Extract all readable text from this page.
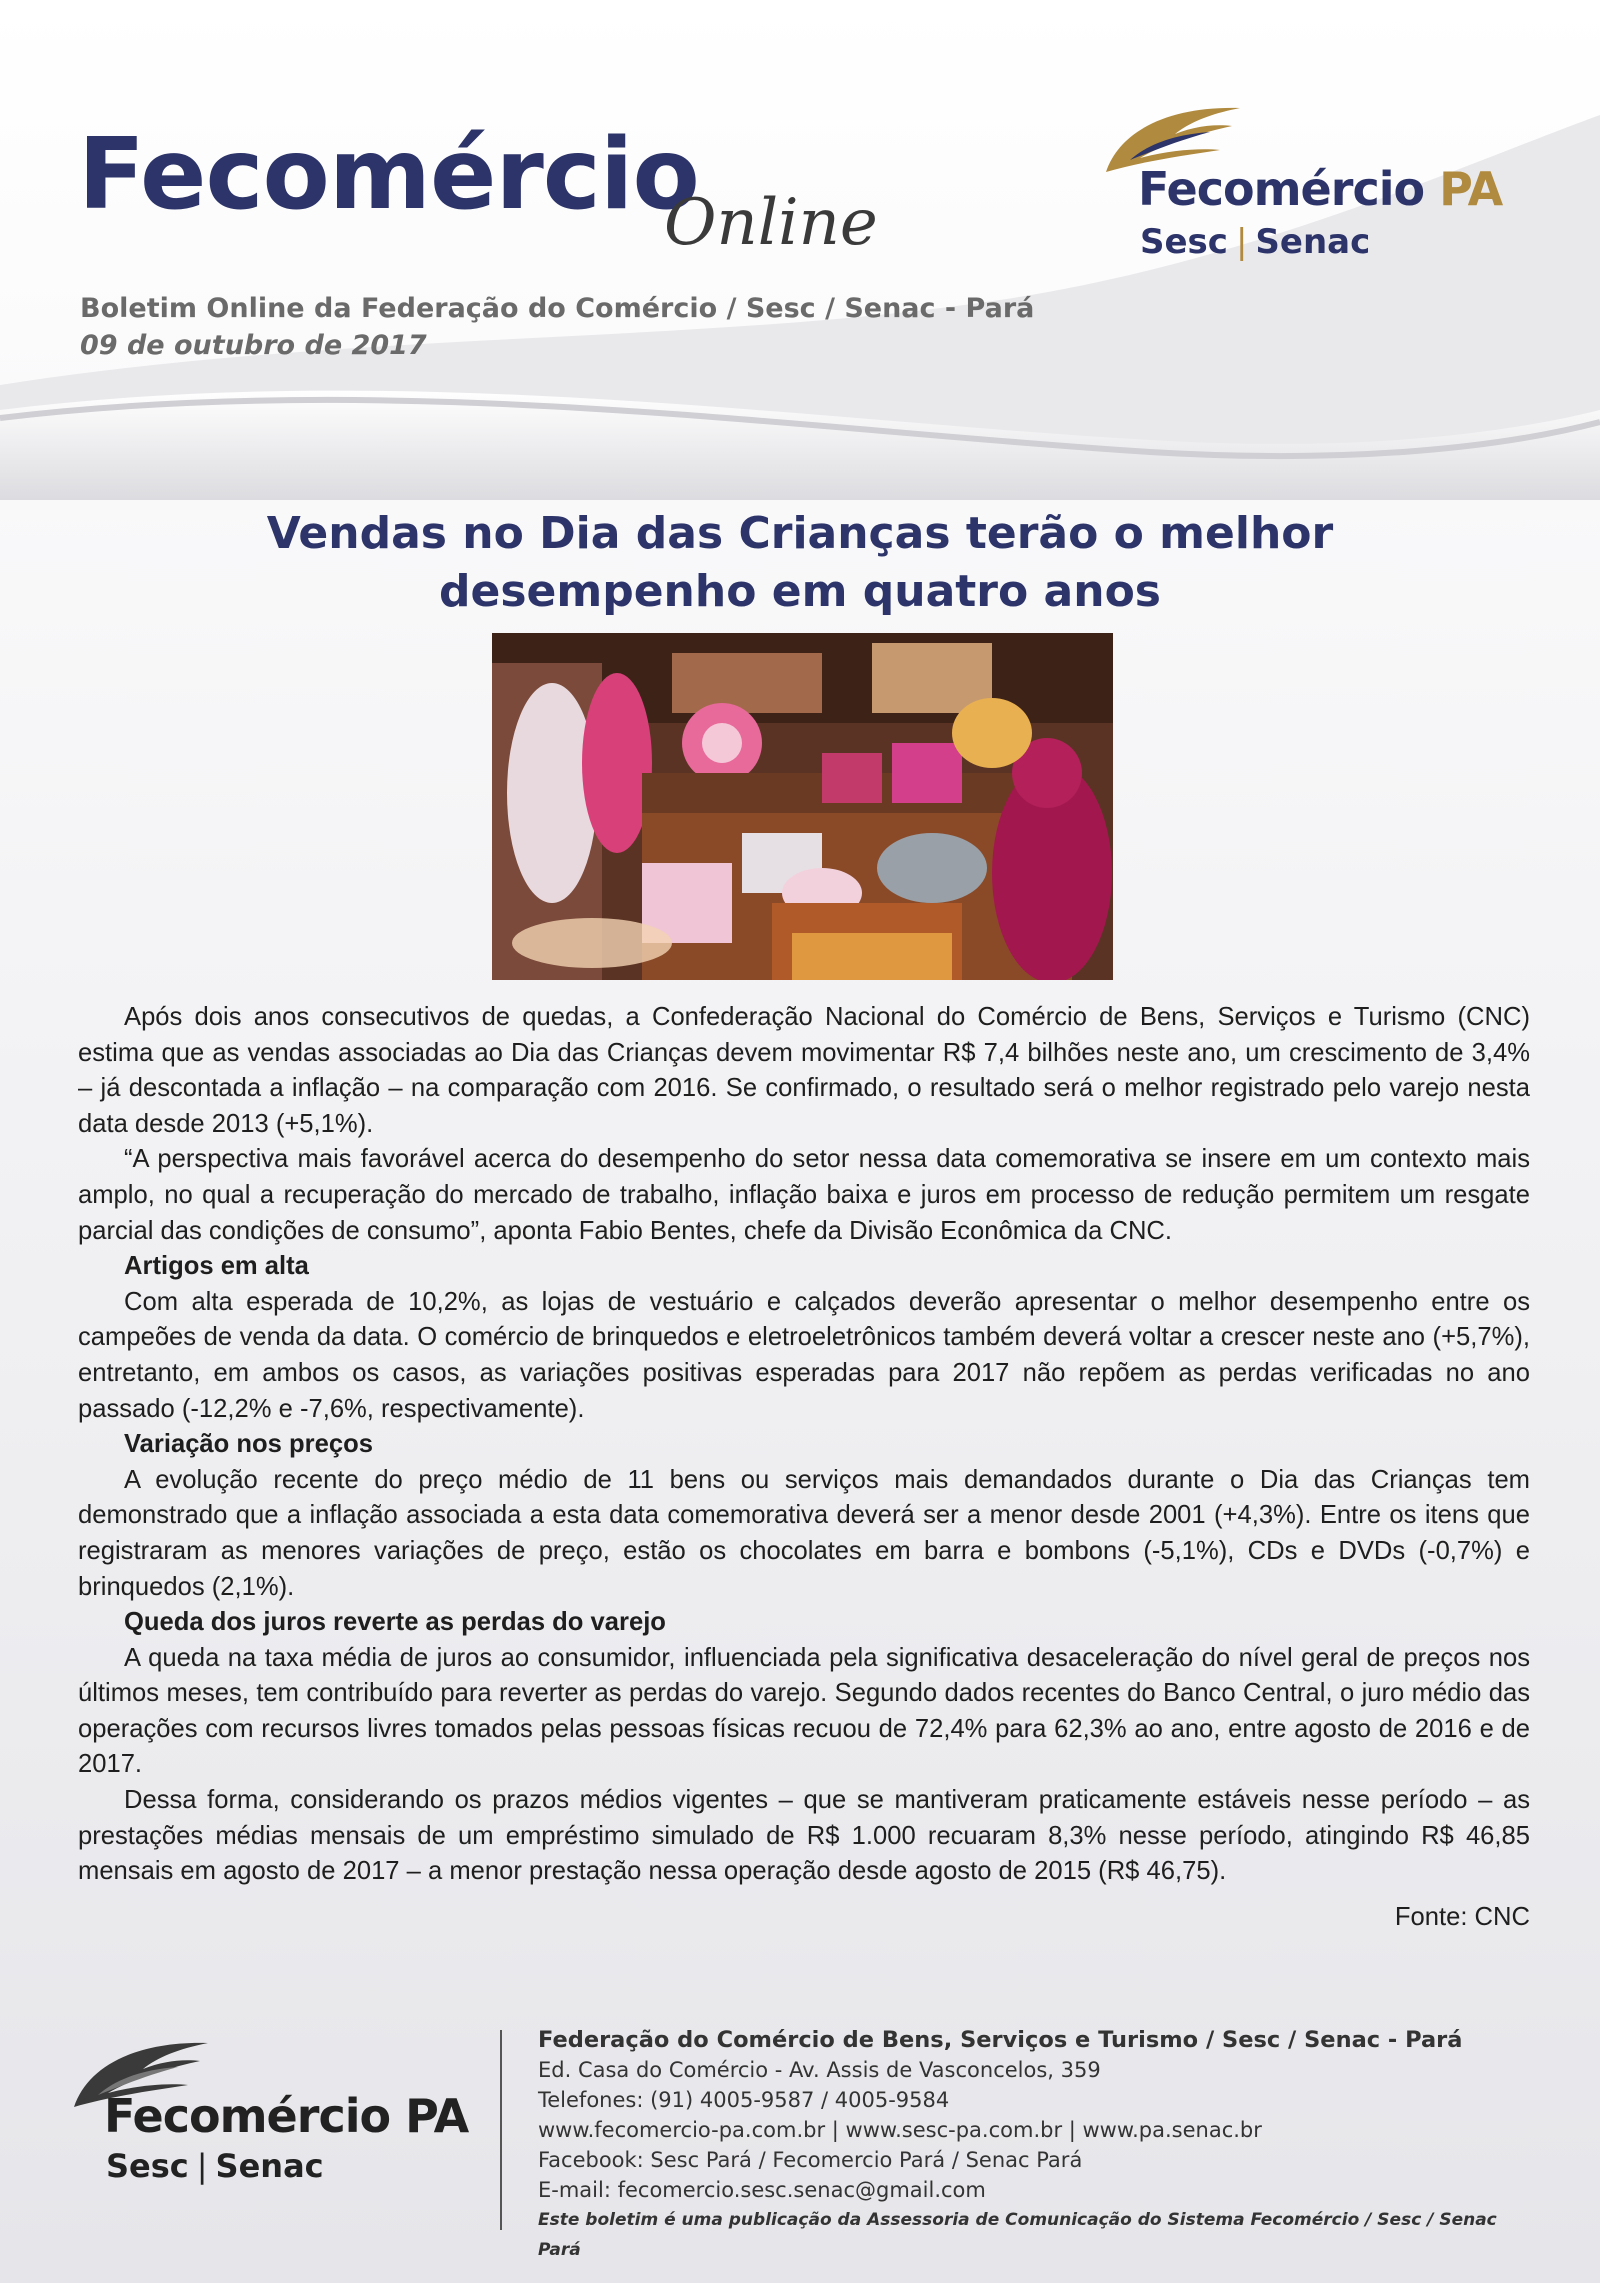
Fecomércio
Online
Boletim Online da Federação do Comércio / Sesc / Senac - Pará
09 de outubro de 2017
Fecomércio PA
Sesc | Senac
Vendas no Dia das Crianças terão o melhor
desempenho em quatro anos

Após dois anos consecutivos de quedas, a Confederação Nacional do Comércio de Bens, Serviços e Turismo (CNC) estima que as vendas associadas ao Dia das Crianças devem movimentar R$ 7,4 bilhões neste ano, um crescimento de 3,4% – já descontada a inflação – na comparação com 2016. Se confirmado, o resultado será o melhor registrado pelo varejo nesta data desde 2013 (+5,1%).

“A perspectiva mais favorável acerca do desempenho do setor nessa data comemorativa se insere em um contexto mais amplo, no qual a recuperação do mercado de trabalho, inflação baixa e juros em processo de redução permitem um resgate parcial das condições de consumo”, aponta Fabio Bentes, chefe da Divisão Econômica da CNC.

Artigos em alta

Com alta esperada de 10,2%, as lojas de vestuário e calçados deverão apresentar o melhor desempenho entre os campeões de venda da data. O comércio de brinquedos e eletroeletrônicos também deverá voltar a crescer neste ano (+5,7%), entretanto, em ambos os casos, as variações positivas esperadas para 2017 não repõem as perdas verificadas no ano passado (-12,2% e -7,6%, respectivamente).

Variação nos preços

A evolução recente do preço médio de 11 bens ou serviços mais demandados durante o Dia das Crianças tem demonstrado que a inflação associada a esta data comemorativa deverá ser a menor desde 2001 (+4,3%). Entre os itens que registraram as menores variações de preço, estão os chocolates em barra e bombons (-5,1%), CDs e DVDs (-0,7%) e brinquedos (2,1%).

Queda dos juros reverte as perdas do varejo

A queda na taxa média de juros ao consumidor, influenciada pela significativa desaceleração do nível geral de preços nos últimos meses, tem contribuído para reverter as perdas do varejo. Segundo dados recentes do Banco Central, o juro médio das operações com recursos livres tomados pelas pessoas físicas recuou de 72,4% para 62,3% ao ano, entre agosto de 2016 e de 2017.

Dessa forma, considerando os prazos médios vigentes – que se mantiveram praticamente estáveis nesse período – as prestações médias mensais de um empréstimo simulado de R$ 1.000 recuaram 8,3% nesse período, atingindo R$ 46,85 mensais em agosto de 2017 – a menor prestação nessa operação desde agosto de 2015 (R$ 46,75).

Fonte: CNC
Fecomércio PA
Sesc | Senac
Federação do Comércio de Bens, Serviços e Turismo / Sesc / Senac - Pará
Ed. Casa do Comércio - Av. Assis de Vasconcelos, 359
Telefones: (91) 4005-9587 / 4005-9584
www.fecomercio-pa.com.br | www.sesc-pa.com.br | www.pa.senac.br
Facebook: Sesc Pará / Fecomercio Pará / Senac Pará
E-mail: fecomercio.sesc.senac@gmail.com
Este boletim é uma publicação da Assessoria de Comunicação do Sistema Fecomércio / Sesc / Senac Pará
